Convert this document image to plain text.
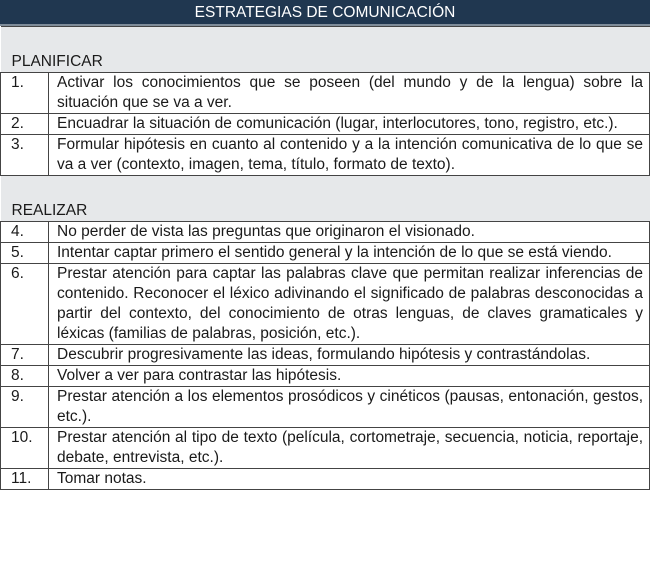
ESTRATEGIAS DE COMUNICACIÓN
PLANIFICAR	

1.	Activar los conocimientos que se poseen (del mundo y de la lengua) sobre la situación que se va a ver.
2.	Encuadrar la situación de comunicación (lugar, interlocutores, tono, registro, etc.).
3.	Formular hipótesis en cuanto al contenido y a la intención comunicativa de lo que se va a ver (contexto, imagen, tema, título, formato de texto).

REALIZAR	

4.	No perder de vista las preguntas que originaron el visionado.
5.	Intentar captar primero el sentido general y la intención de lo que se está viendo.
6.	Prestar atención para captar las palabras clave que permitan realizar inferencias de contenido. Reconocer el léxico adivinando el significado de palabras desconocidas a partir del contexto, del conocimiento de otras lenguas, de claves gramaticales y léxicas (familias de palabras, posición, etc.).
7.	Descubrir progresivamente las ideas, formulando hipótesis y contrastándolas.
8.	Volver a ver para contrastar las hipótesis.
9.	Prestar atención a los elementos prosódicos y cinéticos (pausas, entonación, gestos, etc.).
10.	Prestar atención al tipo de texto (película, cortometraje, secuencia, noticia, reportaje, debate, entrevista, etc.).
11.	Tomar notas.
